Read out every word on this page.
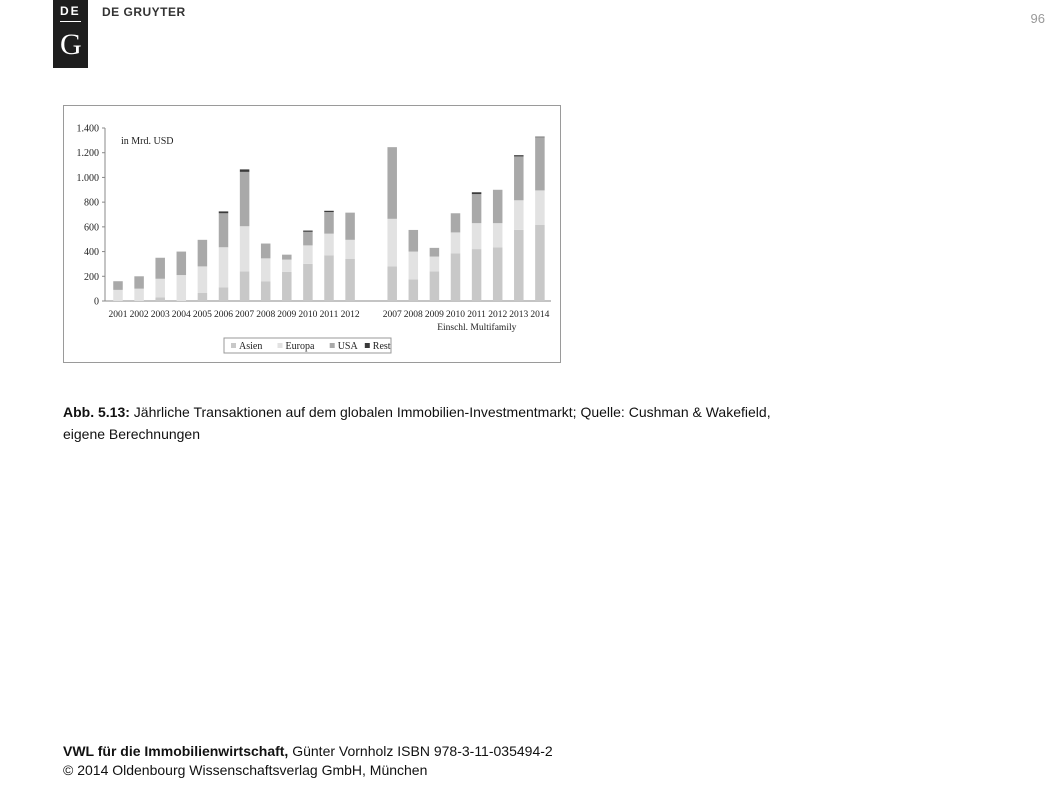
DE
G
DE GRUYTER	96
0
200
400
600
800
1.000
1.200
1.400
in Mrd. USD
2001 2002 2003 2004 2005 2006 2007 2008 2009 2010 2011 2012 2007 2008 2009 2010 2011 2012 2013 2014
Einschl. Multifamily
Asien Europa USA Rest
Abb. 5.13: Jährliche Transaktionen auf dem globalen Immobilien-Investmentmarkt; Quelle: Cushman & Wakefield,
eigene Berechnungen
VWL für die Immobilienwirtschaft, Günter Vornholz ISBN 978-3-11-035494-2
© 2014 Oldenbourg Wissenschaftsverlag GmbH, München
